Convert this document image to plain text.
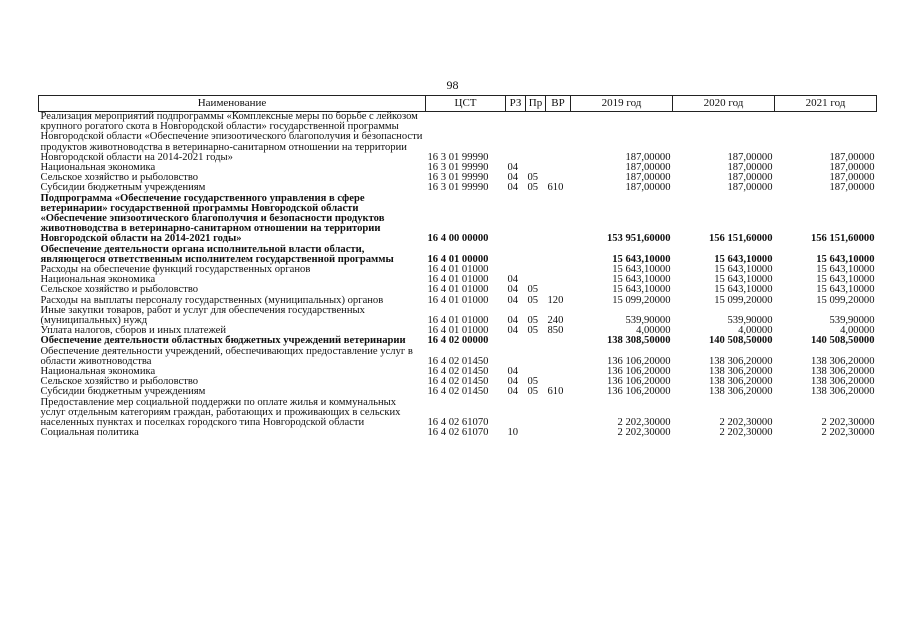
98
Наименование	ЦСТ	РЗ	Пр	ВР	2019 год	2020 год	2021 год
Реализация мероприятий подпрограммы «Комплексные меры по борьбе с лейкозом крупного рогатого скота в Новгородской области» государственной программы Новгородской области «Обеспечение эпизоотического благополучия и безопасности продуктов животноводства в ветеринарно-санитарном отношении на территории Новгородской области на 2014-2021 годы»	16 3 01 99990				187,00000	187,00000	187,00000
Национальная экономика	16 3 01 99990	04			187,00000	187,00000	187,00000
Сельское хозяйство и рыболовство	16 3 01 99990	04	05		187,00000	187,00000	187,00000
Субсидии бюджетным учреждениям	16 3 01 99990	04	05	610	187,00000	187,00000	187,00000
Подпрограмма «Обеспечение государственного управления в сфере ветеринарии» государственной программы Новгородской области «Обеспечение эпизоотического благополучия и безопасности продуктов животноводства в ветеринарно-санитарном отношении на территории Новгородской области на 2014-2021 годы»	16 4 00 00000				153 951,60000	156 151,60000	156 151,60000
Обеспечение деятельности органа исполнительной власти области, являющегося ответственным исполнителем государственной программы	16 4 01 00000				15 643,10000	15 643,10000	15 643,10000
Расходы на обеспечение функций государственных органов	16 4 01 01000				15 643,10000	15 643,10000	15 643,10000
Национальная экономика	16 4 01 01000	04			15 643,10000	15 643,10000	15 643,10000
Сельское хозяйство и рыболовство	16 4 01 01000	04	05		15 643,10000	15 643,10000	15 643,10000
Расходы на выплаты персоналу государственных (муниципальных) органов	16 4 01 01000	04	05	120	15 099,20000	15 099,20000	15 099,20000
Иные закупки товаров, работ и услуг для обеспечения государственных (муниципальных) нужд	16 4 01 01000	04	05	240	539,90000	539,90000	539,90000
Уплата налогов, сборов и иных платежей	16 4 01 01000	04	05	850	4,00000	4,00000	4,00000
Обеспечение деятельности областных бюджетных учреждений ветеринарии	16 4 02 00000				138 308,50000	140 508,50000	140 508,50000
Обеспечение деятельности учреждений, обеспечивающих предоставление услуг в области животноводства	16 4 02 01450				136 106,20000	138 306,20000	138 306,20000
Национальная экономика	16 4 02 01450	04			136 106,20000	138 306,20000	138 306,20000
Сельское хозяйство и рыболовство	16 4 02 01450	04	05		136 106,20000	138 306,20000	138 306,20000
Субсидии бюджетным учреждениям	16 4 02 01450	04	05	610	136 106,20000	138 306,20000	138 306,20000
Предоставление мер социальной поддержки по оплате жилья и коммунальных услуг отдельным категориям граждан, работающих и проживающих в сельских населенных пунктах и поселках городского типа Новгородской области	16 4 02 61070				2 202,30000	2 202,30000	2 202,30000
Социальная политика	16 4 02 61070	10			2 202,30000	2 202,30000	2 202,30000
